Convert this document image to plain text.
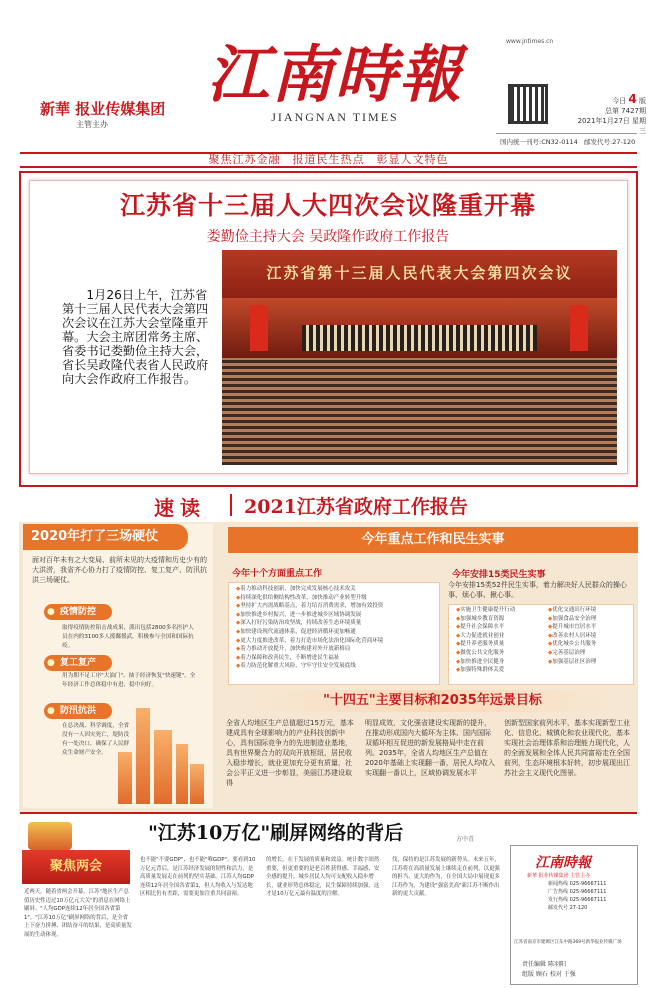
新華 报业传媒集团
主管主办
江南時報
JIANGNAN TIMES
www.jntimes.cn
今日 4 版
总第 7427期
2021年1月27日 星期三
国内统一刊号:CN32-0114 邮发代号:27-120
聚焦江苏金融　报道民生热点　彰显人文特色
江苏省十三届人大四次会议隆重开幕
娄勤俭主持大会 吴政隆作政府工作报告
1月26日上午，江苏省第十三届人民代表大会第四次会议在江苏大会堂隆重开幕。大会主席团常务主席、省委书记娄勤俭主持大会，省长吴政隆代表省人民政府向大会作政府工作报告。
江苏省第十三届人民代表大会第四次会议
速读 2021江苏省政府工作报告
2020年打了三场硬仗
面对百年未有之大变局、前所未见的大疫情和历史少有的大洪涝，我省齐心协力打了疫情防控、复工复产、防汛抗洪三场硬仗。
● 疫情防控
取得疫情防控阻击战成果，派出包括2800多名医护人员在内的3100多人援鄱援武，积极参与全国和国际抗疫。
● 复工复产
用为期不足工序"大油门"、抽于经济恢复"快速键"，全年经济工作总体稳中有进、稳中向好。
● 防汛抗洪
在总决战、科学调度，全省没有一人因灾死亡，堤防没有一处决口，确保了人民群众生命财产安全。
今年重点工作和民生实事
今年十个方面重点工作
◆ 着力推动科技创新，加快完成发展核心技术攻关
◆ 持续深化供给侧结构性改革，加快推动产业转型升级
◆ 坚持扩大内需战略基点，着力培育消费需求，增加有效投资
◆ 加快推进乡村振兴，进一步推进城乡区域协调发展
◆ 深入打好污染防治攻坚战，持续改善生态环境质量
◆ 加快建设现代流通体系，促进经济循环更加畅通
◆ 更大力度推进改革，着力打造市场化法治化国际化营商环境
◆ 着力推动开放提升，加快构建对外开放新格局
◆ 着力保障和改善民生，不断增进民生福祉
◆ 着力防范化解重大风险，守牢守住安全发展底线
今年安排15类民生实事
今年安排15类52件民生实事，着力解决好人民群众的操心事、烦心事、揪心事。
◆ 实施卫生健康提升行动
◆ 加强城乡教育资源
◆ 提升社会保障水平
◆ 大力促进就业创业
◆ 提升养老服务质量
◆ 做优公共文化服务
◆ 加快推进全民健身
◆ 加强特殊群体关爱
◆ 优化交通出行环境
◆ 加强食品安全治理
◆ 提升城市宜居水平
◆ 改善农村人居环境
◆ 优化城乡公共服务
◆ 完善基层治理
◆ 加强基层社区治理
"十四五"主要目标和2035年远景目标
全省人均地区生产总值超过15万元，基本建成具有全球影响力的产业科技创新中心，具有国际竞争力的先进制造业基地，具有世界聚合力的双向开放枢纽，居民收入稳步增长，就业更加充分更有质量，社会公平正义进一步彰显，美丽江苏建设取得
明显成效，文化强省建设实现新的提升，在推动形成国内大循环为主体、国内国际双循环相互促进的新发展格局中走在前列。2035年，全省人均地区生产总值在2020年基础上实现翻一番，居民人均收入实现翻一番以上，区域协调发展水平
创新型国家前列水平，基本实现新型工业化、信息化、城镇化和农业现代化，基本实现社会治理体系和治理能力现代化，人的全面发展和全体人民共同富裕走在全国前列，生态环境根本好转，初步展现出江苏社会主义现代化图景。
"江苏10万亿"刷屏网络的背后	方中青
聚焦两会
近两天，随着省两会开幕，江苏"地区生产总值历史性迈过10万亿元大关"的消息在网络上刷屏。"人均GDP连续12年居全国各省第1"。"江苏10万亿"刷屏网络的背后，是全省上下奋力拼搏、团结奋斗的结果，是高质量发展的生动体现。
也不能"不要GDP"，也不能"唯GDP"。要看到10万亿元背后，是江苏经济发展的韧性和活力，是高质量发展走在前列的坚实基础。江苏人均GDP连续12年居全国各省第1，但人均收入与发达地区相比仍有差距，需要更加注重共同富裕。
的增长，在于发展的质量和效益。统计数字固然重要，但更重要的是老百姓获得感、幸福感、安全感的提升。城乡居民人均可支配收入稳步增长，就业形势总体稳定，民生保障持续加强，这才是10万亿元最有温度的注解。
伐，保持的是江苏发展的新势头。未来五年，江苏将在高质量发展上继续走在前列，以更强的担当、更大的作为，在全国大局中展现更多江苏作为，为建设"强富美高"新江苏不断作出新的更大贡献。
江南時報
新華 报业传媒集团 主管主办
新闻热线 025-96667111
广告热线 025-96667111
发行热线 025-96667111
邮发代号 27-120
江苏省南京市建邺区江东中路369号新华报业传媒广场
责任编辑 陈羽阳
组版 顾石 校对 于强
